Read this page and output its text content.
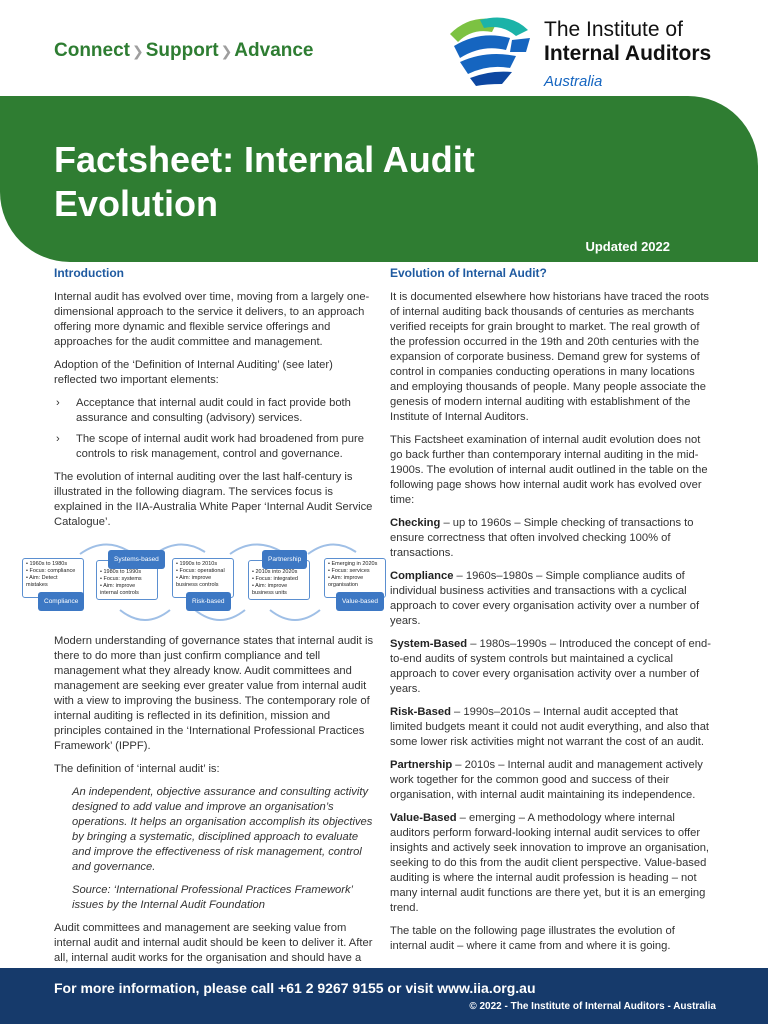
Connect ❯ Support ❯ Advance
The Institute of
Internal Auditors
Australia
Factsheet: Internal Audit Evolution
Updated 2022
Introduction

Internal audit has evolved over time, moving from a largely one-dimensional approach to the service it delivers, to an approach offering more dynamic and flexible service offerings and approaches for the audit committee and management.

Adoption of the ‘Definition of Internal Auditing’ (see later) reflected two important elements:

› Acceptance that internal audit could in fact provide both assurance and consulting (advisory) services.
› The scope of internal audit work had broadened from pure controls to risk management, control and governance.

The evolution of internal auditing over the last half-century is illustrated in the following diagram. The services focus is explained in the IIA-Australia White Paper ‘Internal Audit Service Catalogue’.

• 1960s to 1980s
• Focus: compliance
• Aim: Detect mistakes
Compliance
• 1980s to 1990s
• Focus: systems
• Aim: improve internal controls
Systems-based
• 1990s to 2010s
• Focus: operational
• Aim: improve business controls
Risk-based
• 2010s into 2020s
• Focus: integrated
• Aim: improve business units
Partnership
• Emerging in 2020s
• Focus: services
• Aim: improve organisation
Value-based

Modern understanding of governance states that internal audit is there to do more than just confirm compliance and tell management what they already know. Audit committees and management are seeking ever greater value from internal audit with a view to improving the business. The contemporary role of internal auditing is reflected in its definition, mission and principles contained in the ‘International Professional Practices Framework’ (IPPF).

The definition of ‘internal audit’ is:

An independent, objective assurance and consulting activity designed to add value and improve an organisation’s operations. It helps an organisation accomplish its objectives by bringing a systematic, disciplined approach to evaluate and improve the effectiveness of risk management, control and governance.

Source: ‘International Professional Practices Framework’ issues by the Internal Audit Foundation

Audit committees and management are seeking value from internal audit and internal audit should be keen to deliver it. After all, internal audit works for the organisation and should have a

Evolution of Internal Audit?

It is documented elsewhere how historians have traced the roots of internal auditing back thousands of centuries as merchants verified receipts for grain brought to market. The real growth of the profession occurred in the 19th and 20th centuries with the expansion of corporate business. Demand grew for systems of control in companies conducting operations in many locations and employing thousands of people. Many people associate the genesis of modern internal auditing with establishment of the Institute of Internal Auditors.

This Factsheet examination of internal audit evolution does not go back further than contemporary internal auditing in the mid-1900s. The evolution of internal audit outlined in the table on the following page shows how internal audit work has evolved over time:

Checking – up to 1960s – Simple checking of transactions to ensure correctness that often involved checking 100% of transactions.

Compliance – 1960s–1980s – Simple compliance audits of individual business activities and transactions with a cyclical approach to cover every organisation activity over a number of years.

System-Based – 1980s–1990s – Introduced the concept of end-to-end audits of system controls but maintained a cyclical approach to cover every organisation activity over a number of years.

Risk-Based – 1990s–2010s – Internal audit accepted that limited budgets meant it could not audit everything, and also that some lower risk activities might not warrant the cost of an audit.

Partnership – 2010s – Internal audit and management actively work together for the common good and success of their organisation, with internal audit maintaining its independence.

Value-Based – emerging – A methodology where internal auditors perform forward-looking internal audit services to offer insights and actively seek innovation to improve an organisation, seeking to do this from the audit client perspective. Value-based auditing is where the internal audit profession is heading – not many internal audit functions are there yet, but it is an emerging trend.

The table on the following page illustrates the evolution of internal audit – where it came from and where it is going.

For more information, please call +61 2 9267 9155 or visit www.iia.org.au
© 2022 - The Institute of Internal Auditors - Australia
